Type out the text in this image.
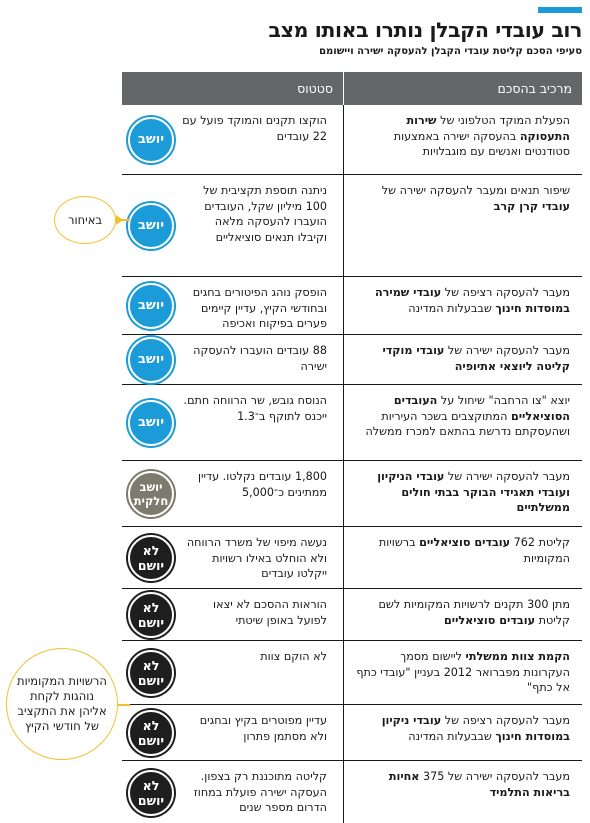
רוב עובדי הקבלן נותרו באותו מצב
סעיפי הסכם קליטת עובדי הקבלן להעסקה ישירה ויישומם
מרכיב בהסכם
סטטוס
הפעלת המוקד הטלפוני של שירות התעסוקה בהעסקה ישירה באמצעות סטודנטים ואנשים עם מוגבלויות
הוקצו תקנים והמוקד פועל עם 22 עובדים
יושב
שיפור תנאים ומעבר להעסקה ישירה של עובדי קרן קרב
ניתנה תוספת תקציבית של 100 מיליון שקל, העובדים הועברו להעסקה מלאה וקיבלו תנאים סוציאליים
יושב
מעבר להעסקה רציפה של עובדי שמירה במוסדות חינוך שבבעלות המדינה
הופסק נוהג הפיטורים בחגים ובחודשי הקיץ, עדיין קיימים פערים בפיקוח ואכיפה
יושב
מעבר להעסקה ישירה של עובדי מוקדי קליטה ליוצאי אתיופיה
88 עובדים הועברו להעסקה ישירה
יושב
יוצא "צו הרחבה" שיחול על העובדים הסוציאליים המתוקצבים בשכר העיריות ושהעסקתם נדרשת בהתאם למכרז ממשלה
הנוסח גובש, שר הרווחה חתם. ייכנס לתוקף ב־1.3
יושב
מעבר להעסקה ישירה של עובדי הניקיון ועובדי תאגידי הבוקר בבתי חולים ממשלתיים
1,800 עובדים נקלטו. עדיין ממתינים כ־5,000
יושב חלקית
קליטת 762 עובדים סוציאליים ברשויות המקומיות
נעשה מיפוי של משרד הרווחה ולא הוחלט באילו רשויות ייקלטו עובדים
לא יושם
מתן 300 תקנים לרשויות המקומיות לשם קליטת עובדים סוציאליים
הוראות ההסכם לא יצאו לפועל באופן שיטתי
לא יושם
הקמת צוות ממשלתי ליישום מסמך העקרונות מפברואר 2012 בעניין "עובדי כתף אל כתף"
לא הוקם צוות
לא יושם
מעבר להעסקה רציפה של עובדי ניקיון במוסדות חינוך שבבעלות המדינה
עדיין מפוטרים בקיץ ובחגים ולא מסתמן פתרון
לא יושם
מעבר להעסקה ישירה של 375 אחיות בריאות התלמיד
קליטה מתוכננת רק בצפון. העסקה ישירה פועלת במחוז הדרום מספר שנים
לא יושם
באיחור
הרשויות המקומיות נוהגות לקחת אליהן את התקציב של חודשי הקיץ
